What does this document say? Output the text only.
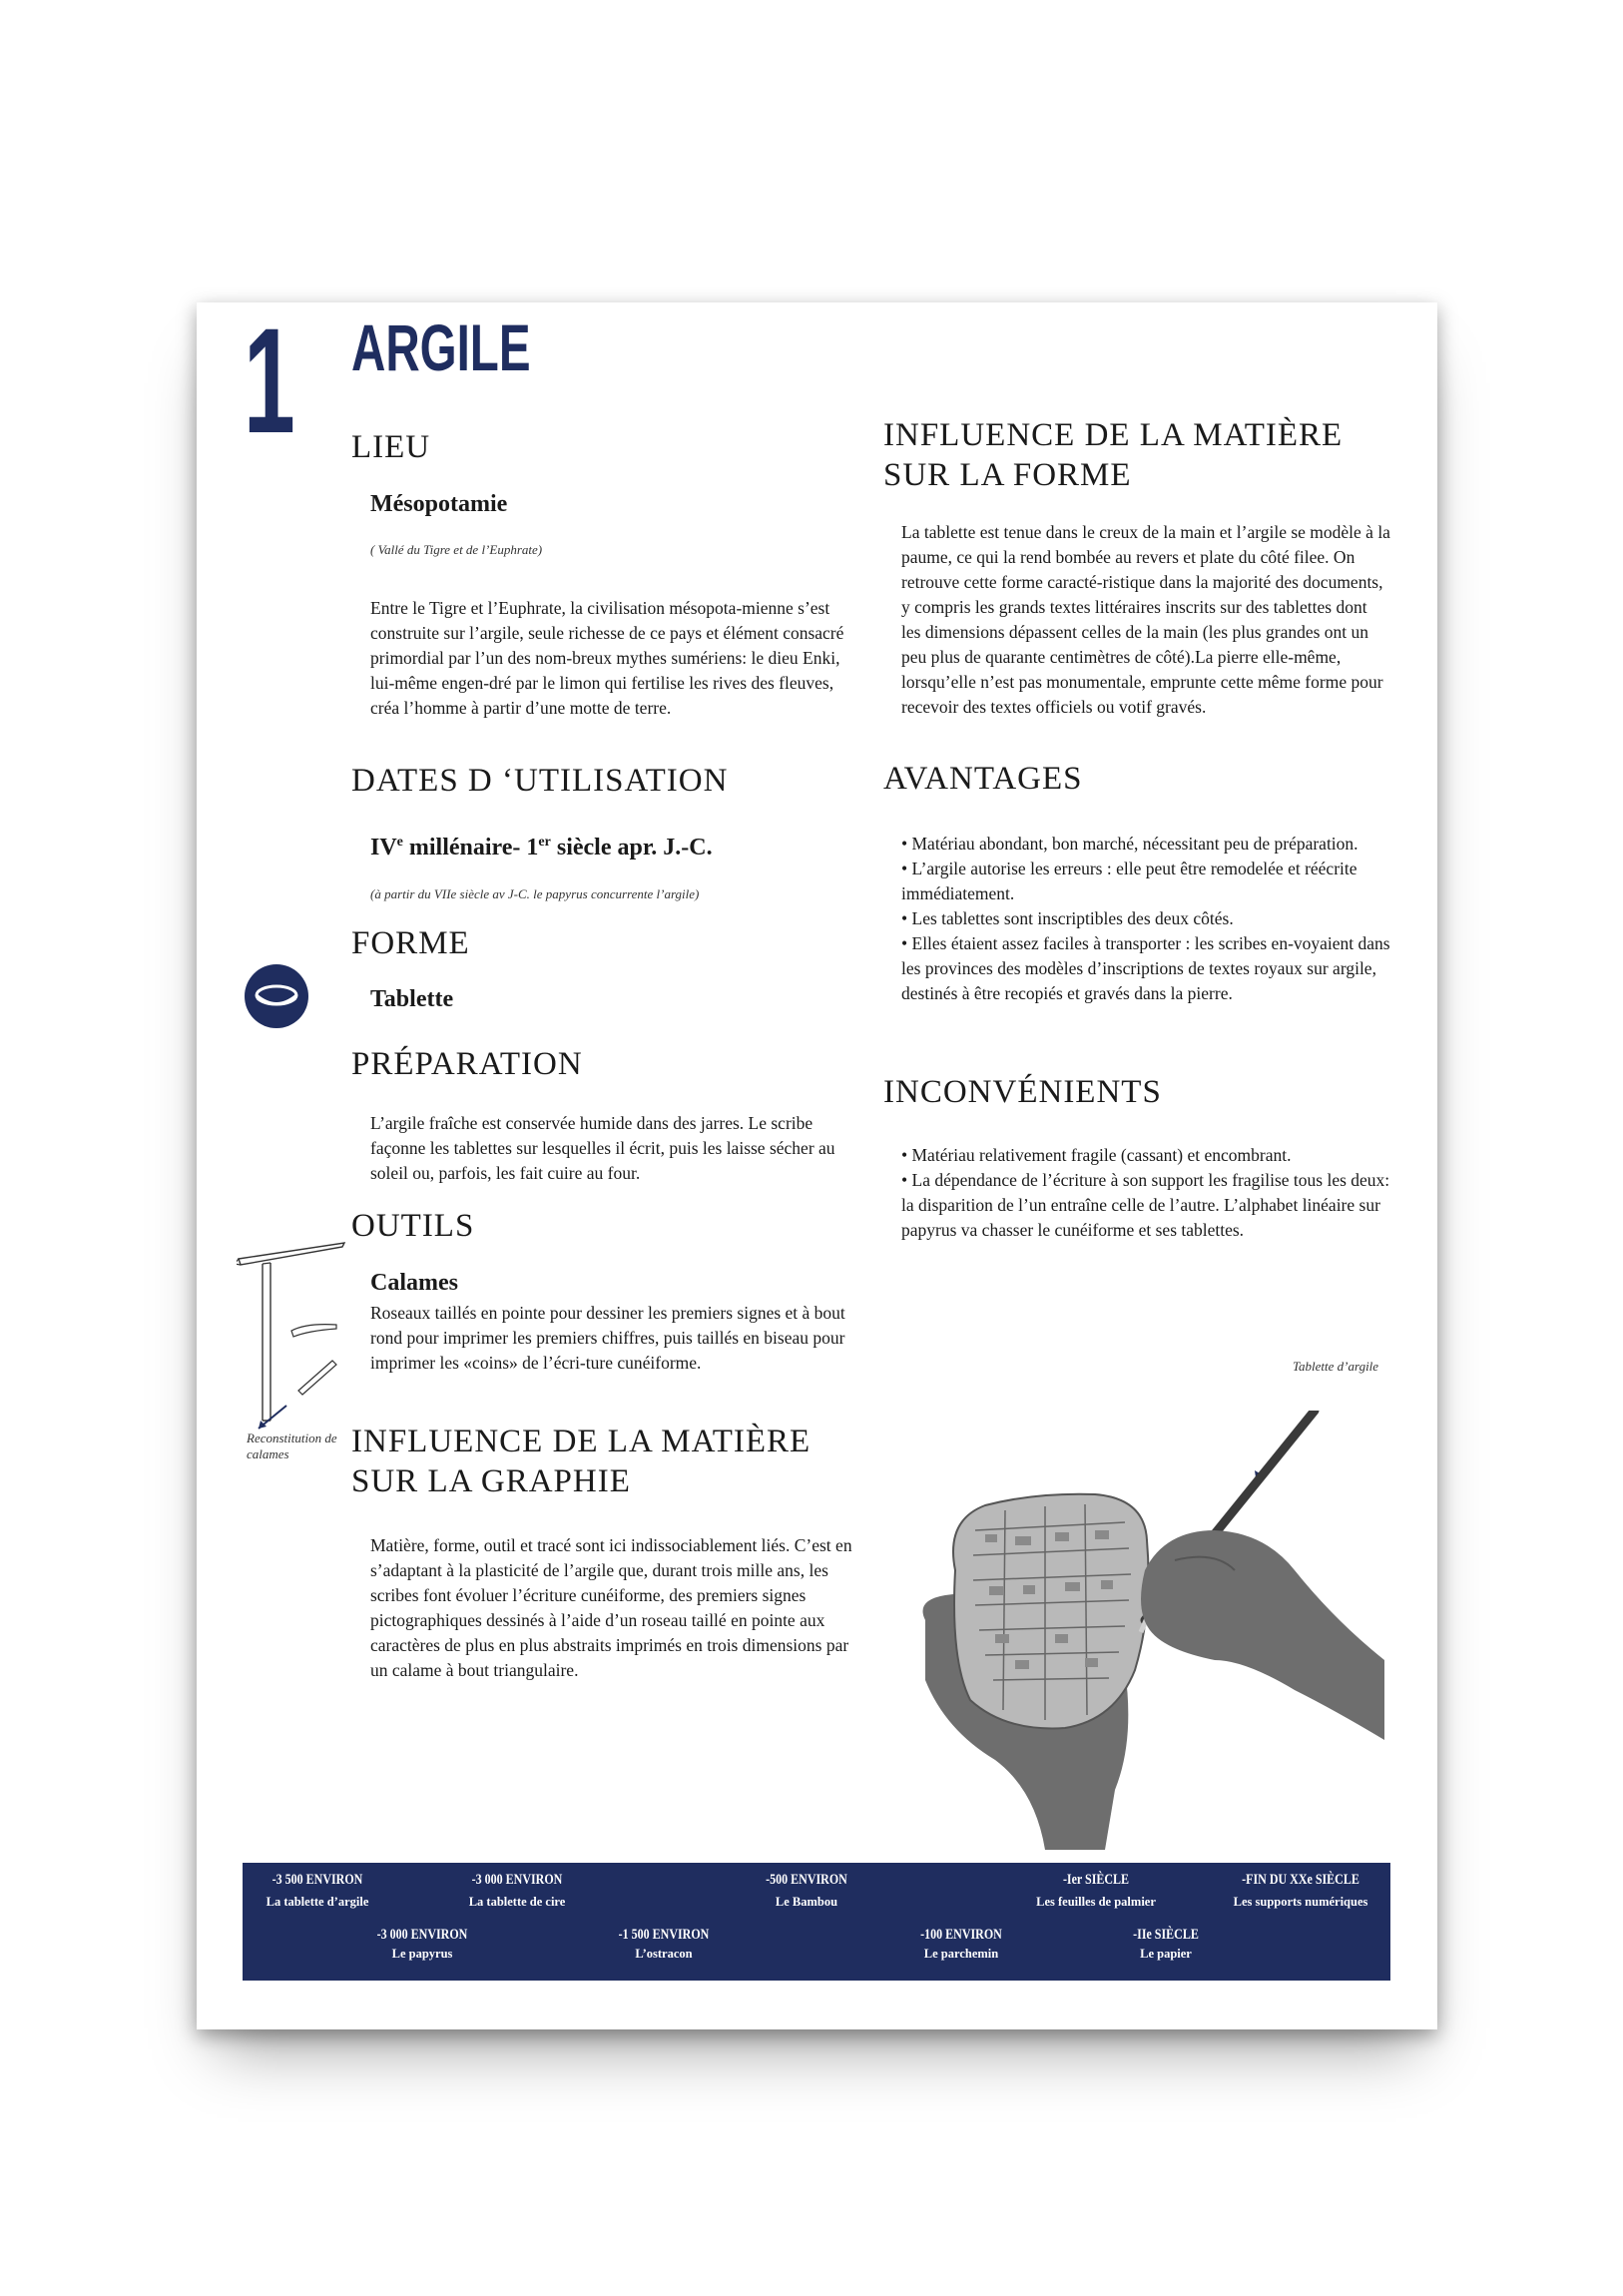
1 ARGILE
LIEU
Mésopotamie
( Vallé du Tigre et de l’Euphrate)
Entre le Tigre et l’Euphrate, la civilisation mésopota-mienne s’est construite sur l’argile, seule richesse de ce pays et élément consacré primordial par l’un des nom-breux mythes sumériens: le dieu Enki, lui-même engen-dré par le limon qui fertilise les rives des fleuves, créa l’homme à partir d’une motte de terre.
DATES D ‘UTILISATION
IVe millénaire- 1er siècle apr. J.-C.
(à partir du VIIe siècle av J-C. le papyrus concurrente l’argile)
FORME
Tablette
PRÉPARATION
L’argile fraîche est conservée humide dans des jarres. Le scribe façonne les tablettes sur lesquelles il écrit, puis les laisse sécher au soleil ou, parfois, les fait cuire au four.
Reconstitution de calames
OUTILS
Calames
Roseaux taillés en pointe pour dessiner les premiers signes et à bout rond pour imprimer les premiers chiffres, puis taillés en biseau pour imprimer les «coins» de l’écri-ture cunéiforme.
INFLUENCE DE LA MATIÈRE
SUR LA GRAPHIE
Matière, forme, outil et tracé sont ici indissociablement liés. C’est en s’adaptant à la plasticité de l’argile que, durant trois mille ans, les scribes font évoluer l’écriture cunéiforme, des premiers signes pictographiques dessinés à l’aide d’un roseau taillé en pointe aux caractères de plus en plus abstraits imprimés en trois dimensions par un calame à bout triangulaire.
INFLUENCE DE LA MATIÈRE
SUR LA FORME
La tablette est tenue dans le creux de la main et l’argile se modèle à la paume, ce qui la rend bombée au revers et plate du côté filee. On retrouve cette forme caracté-ristique dans la majorité des documents, y compris les grands textes littéraires inscrits sur des tablettes dont les dimensions dépassent celles de la main (les plus grandes ont un peu plus de quarante centimètres de côté).La pierre elle-même, lorsqu’elle n’est pas monumentale, emprunte cette même forme pour recevoir des textes officiels ou votif gravés.
AVANTAGES

• Matériau abondant, bon marché, nécessitant peu de préparation.

• L’argile autorise les erreurs : elle peut être remodelée et réécrite immédiatement.

• Les tablettes sont inscriptibles des deux côtés.

• Elles étaient assez faciles à transporter : les scribes en-voyaient dans les provinces des modèles d’inscriptions de textes royaux sur argile, destinés à être recopiés et gravés dans la pierre.

INCONVÉNIENTS

• Matériau relativement fragile (cassant) et encombrant.

• La dépendance de l’écriture à son support les fragilise tous les deux: la disparition de l’un entraîne celle de l’autre. L’alphabet linéaire sur papyrus va chasser le cunéiforme et ses tablettes.

Tablette d’argile
-3 500 ENVIRON
La tablette d’argile
-3 000 ENVIRON
La tablette de cire
-500 ENVIRON
Le Bambou
-Ier SIÈCLE
Les feuilles de palmier
-FIN DU XXe SIÈCLE
Les supports numériques
-3 000 ENVIRON
Le papyrus
-1 500 ENVIRON
L’ostracon
-100 ENVIRON
Le parchemin
-IIe SIÈCLE
Le papier
